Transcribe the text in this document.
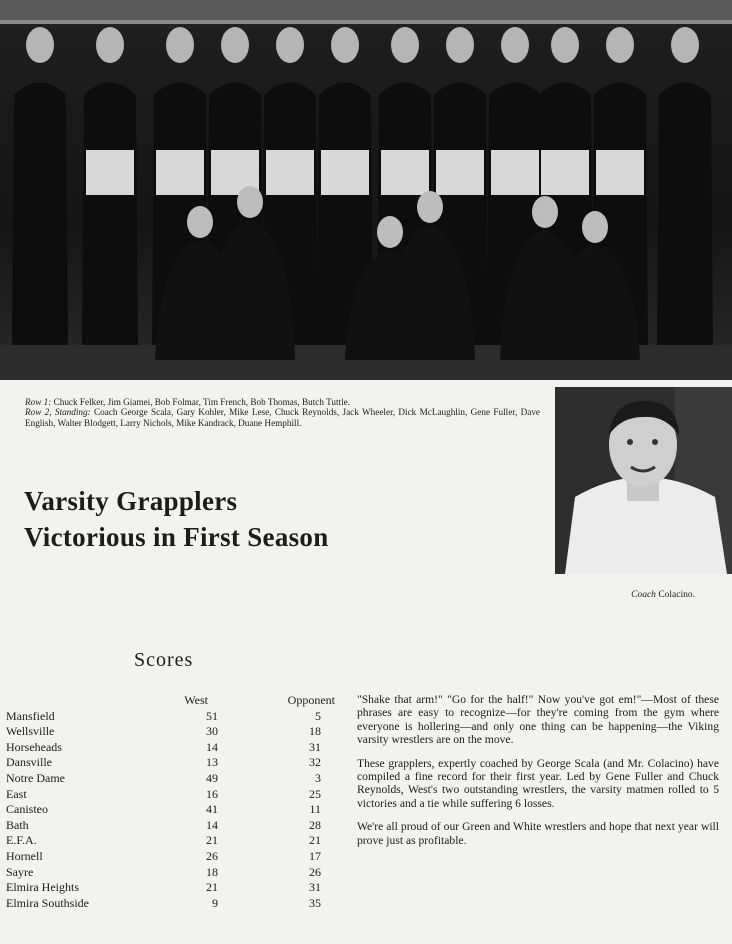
Row 1: Chuck Felker, Jim Giamei, Bob Folmar, Tim French, Bob Thomas, Butch Tuttle.
Row 2, Standing: Coach George Scala, Gary Kohler, Mike Lese, Chuck Reynolds, Jack Wheeler, Dick McLaughlin, Gene Fuller, Dave English, Walter Blodgett, Larry Nichols, Mike Kandrack, Duane Hemphill.
Coach Colacino.
Varsity Grapplers
Victorious in First Season
Scores
West	Opponent
Mansfield	51	5
Wellsville	30	18
Horseheads	14	31
Dansville	13	32
Notre Dame	49	3
East	16	25
Canisteo	41	11
Bath	14	28
E.F.A.	21	21
Hornell	26	17
Sayre	18	26
Elmira Heights	21	31
Elmira Southside	9	35

"Shake that arm!" "Go for the half!" Now you've got em!"—Most of these phrases are easy to recognize—for they're coming from the gym where everyone is hollering—and only one thing can be happening—the Viking varsity wrestlers are on the move.

These grapplers, expertly coached by George Scala (and Mr. Colacino) have compiled a fine record for their first year. Led by Gene Fuller and Chuck Reynolds, West's two outstanding wrestlers, the varsity matmen rolled to 5 victories and a tie while suffering 6 losses.

We're all proud of our Green and White wrestlers and hope that next year will prove just as profitable.
